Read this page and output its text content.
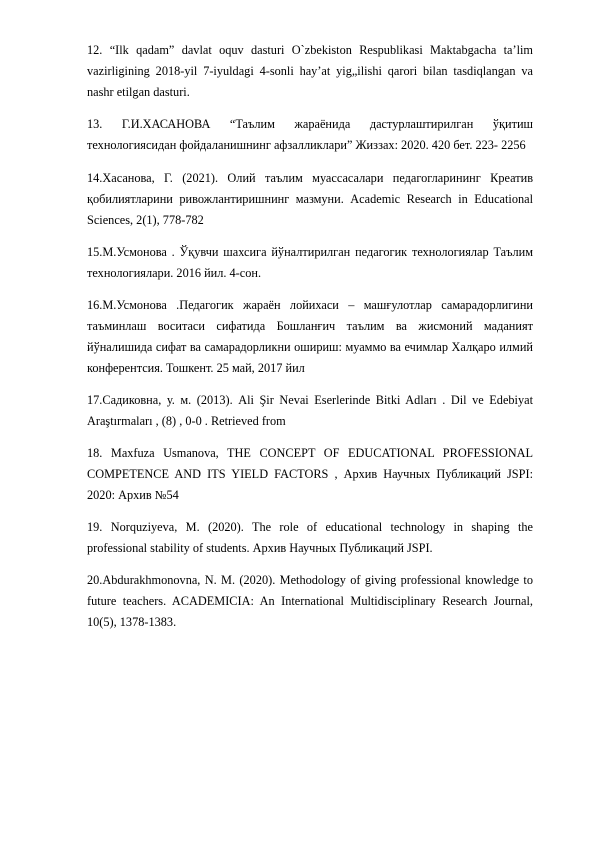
12. “Ilk qadam” davlat oquv dasturi O`zbekiston Respublikasi Maktabgacha taʼlim vazirligining 2018-yil 7-iyuldagi 4-sonli hayʼat yig„ilishi qarori bilan tasdiqlangan va nashr etilgan dasturi.

13. Г.И.ХАСАНОВА “Таълим жараёнида дастурлаштирилган ўқитиш технологиясидан фойдаланишнинг афзалликлари” Жиззах: 2020. 420 бет. 223- 2256

14.Хасанова, Г. (2021). Олий таълим муассасалари педагогларининг Креатив қобилиятларини ривожлантиришнинг мазмуни. Academic Research in Educational Sciences, 2(1), 778-782

15.М.Усмонова . Ўқувчи шахсига йўналтирилган педагогик технологиялар Таълим технологиялари. 2016 йил. 4-сон.

16.М.Усмонова .Педагогик жараён лойихаси – машғулотлар самарадорлигини таъминлаш воситаси сифатида Бошланғич таълим ва жисмоний маданият йўналишида сифат ва самарадорликни ошириш: муаммо ва ечимлар Халқаро илмий конферентсия. Тошкент. 25 май, 2017 йил

17.Садиковна, у. м. (2013). Ali Şir Nevai Eserlerinde Bitki Adları . Dil ve Edebiyat Araştırmaları , (8) , 0-0 . Retrieved from

18. Maxfuza Usmanova, THE CONCEPT OF EDUCATIONAL PROFESSIONAL COMPETENCE AND ITS YIELD FACTORS , Архив Научных Публикаций JSPI: 2020: Архив №54

19. Norquziyeva, M. (2020). The role of educational technology in shaping the professional stability of students. Архив Научных Публикаций JSPI.

20.Abdurakhmonovna, N. M. (2020). Methodology of giving professional knowledge to future teachers. ACADEMICIA: An International Multidisciplinary Research Journal, 10(5), 1378-1383.
